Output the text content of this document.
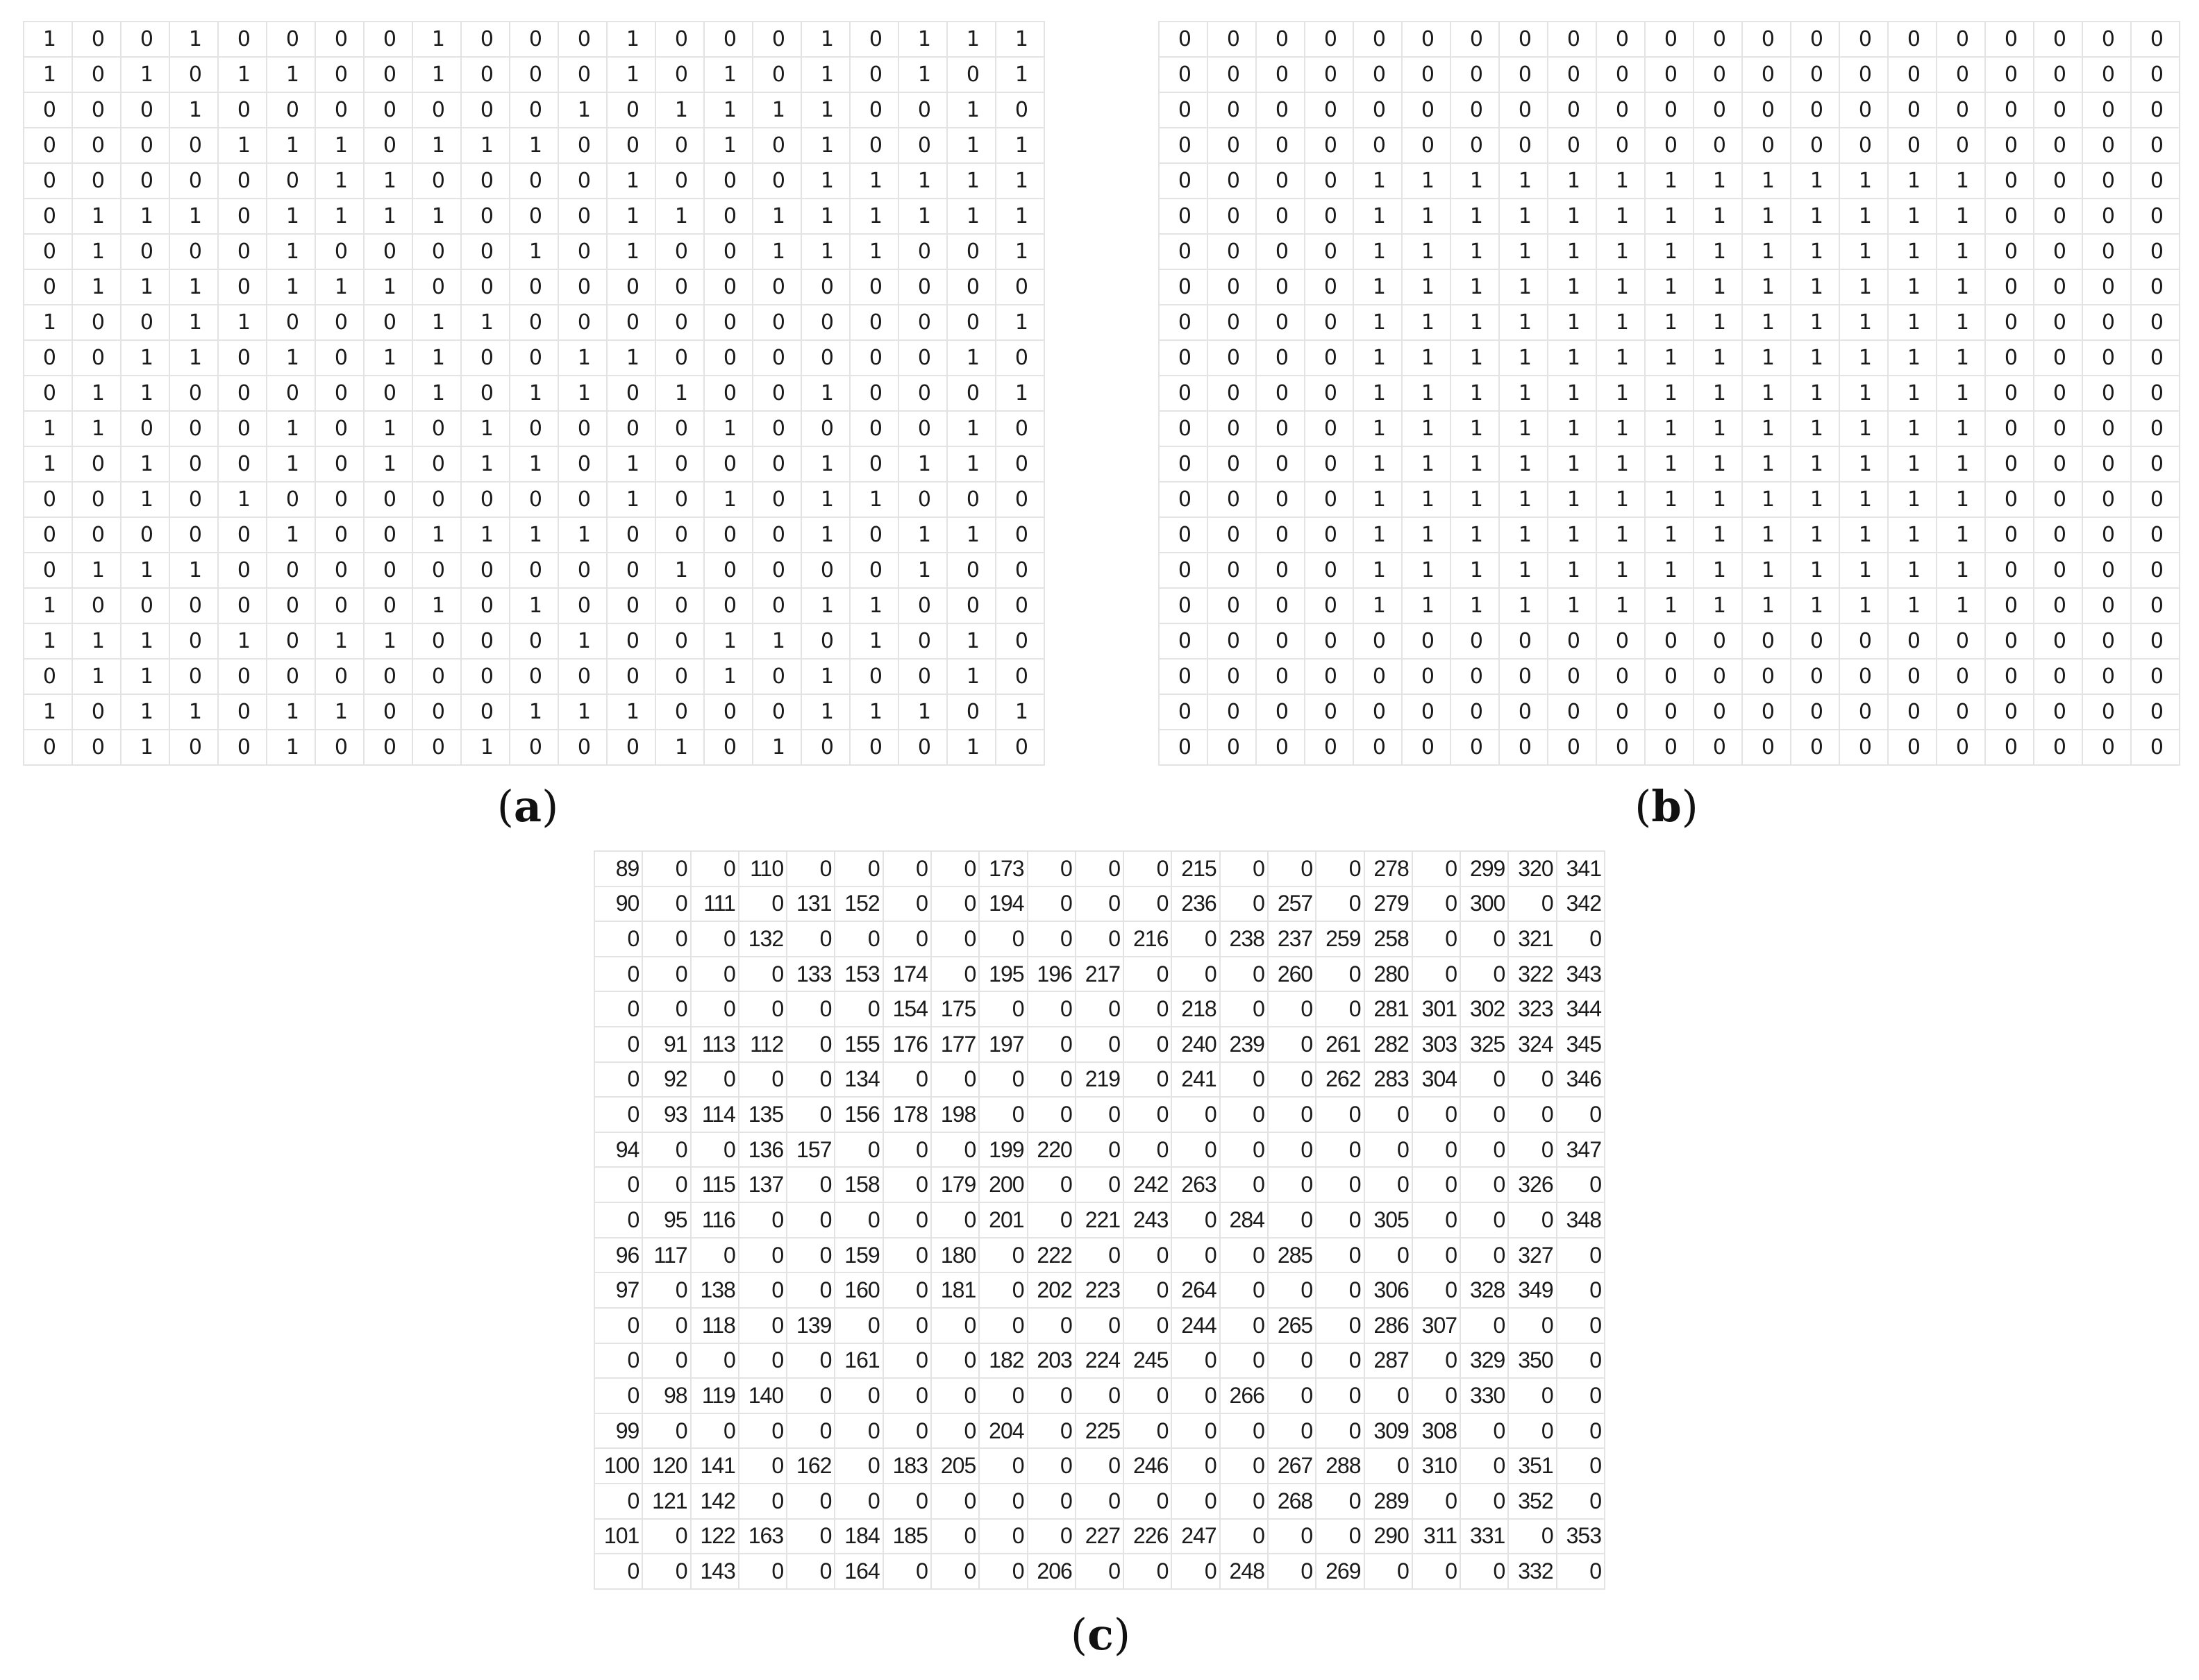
1	0	0	1	0	0	0	0	1	0	0	0	1	0	0	0	1	0	1	1	1
1	0	1	0	1	1	0	0	1	0	0	0	1	0	1	0	1	0	1	0	1
0	0	0	1	0	0	0	0	0	0	0	1	0	1	1	1	1	0	0	1	0
0	0	0	0	1	1	1	0	1	1	1	0	0	0	1	0	1	0	0	1	1
0	0	0	0	0	0	1	1	0	0	0	0	1	0	0	0	1	1	1	1	1
0	1	1	1	0	1	1	1	1	0	0	0	1	1	0	1	1	1	1	1	1
0	1	0	0	0	1	0	0	0	0	1	0	1	0	0	1	1	1	0	0	1
0	1	1	1	0	1	1	1	0	0	0	0	0	0	0	0	0	0	0	0	0
1	0	0	1	1	0	0	0	1	1	0	0	0	0	0	0	0	0	0	0	1
0	0	1	1	0	1	0	1	1	0	0	1	1	0	0	0	0	0	0	1	0
0	1	1	0	0	0	0	0	1	0	1	1	0	1	0	0	1	0	0	0	1
1	1	0	0	0	1	0	1	0	1	0	0	0	0	1	0	0	0	0	1	0
1	0	1	0	0	1	0	1	0	1	1	0	1	0	0	0	1	0	1	1	0
0	0	1	0	1	0	0	0	0	0	0	0	1	0	1	0	1	1	0	0	0
0	0	0	0	0	1	0	0	1	1	1	1	0	0	0	0	1	0	1	1	0
0	1	1	1	0	0	0	0	0	0	0	0	0	1	0	0	0	0	1	0	0
1	0	0	0	0	0	0	0	1	0	1	0	0	0	0	0	1	1	0	0	0
1	1	1	0	1	0	1	1	0	0	0	1	0	0	1	1	0	1	0	1	0
0	1	1	0	0	0	0	0	0	0	0	0	0	0	1	0	1	0	0	1	0
1	0	1	1	0	1	1	0	0	0	1	1	1	0	0	0	1	1	1	0	1
0	0	1	0	0	1	0	0	0	1	0	0	0	1	0	1	0	0	0	1	0
(a)
0	0	0	0	0	0	0	0	0	0	0	0	0	0	0	0	0	0	0	0	0
0	0	0	0	0	0	0	0	0	0	0	0	0	0	0	0	0	0	0	0	0
0	0	0	0	0	0	0	0	0	0	0	0	0	0	0	0	0	0	0	0	0
0	0	0	0	0	0	0	0	0	0	0	0	0	0	0	0	0	0	0	0	0
0	0	0	0	1	1	1	1	1	1	1	1	1	1	1	1	1	0	0	0	0
0	0	0	0	1	1	1	1	1	1	1	1	1	1	1	1	1	0	0	0	0
0	0	0	0	1	1	1	1	1	1	1	1	1	1	1	1	1	0	0	0	0
0	0	0	0	1	1	1	1	1	1	1	1	1	1	1	1	1	0	0	0	0
0	0	0	0	1	1	1	1	1	1	1	1	1	1	1	1	1	0	0	0	0
0	0	0	0	1	1	1	1	1	1	1	1	1	1	1	1	1	0	0	0	0
0	0	0	0	1	1	1	1	1	1	1	1	1	1	1	1	1	0	0	0	0
0	0	0	0	1	1	1	1	1	1	1	1	1	1	1	1	1	0	0	0	0
0	0	0	0	1	1	1	1	1	1	1	1	1	1	1	1	1	0	0	0	0
0	0	0	0	1	1	1	1	1	1	1	1	1	1	1	1	1	0	0	0	0
0	0	0	0	1	1	1	1	1	1	1	1	1	1	1	1	1	0	0	0	0
0	0	0	0	1	1	1	1	1	1	1	1	1	1	1	1	1	0	0	0	0
0	0	0	0	1	1	1	1	1	1	1	1	1	1	1	1	1	0	0	0	0
0	0	0	0	0	0	0	0	0	0	0	0	0	0	0	0	0	0	0	0	0
0	0	0	0	0	0	0	0	0	0	0	0	0	0	0	0	0	0	0	0	0
0	0	0	0	0	0	0	0	0	0	0	0	0	0	0	0	0	0	0	0	0
0	0	0	0	0	0	0	0	0	0	0	0	0	0	0	0	0	0	0	0	0
(b)
89	0	0	110	0	0	0	0	173	0	0	0	215	0	0	0	278	0	299	320	341
90	0	111	0	131	152	0	0	194	0	0	0	236	0	257	0	279	0	300	0	342
0	0	0	132	0	0	0	0	0	0	0	216	0	238	237	259	258	0	0	321	0
0	0	0	0	133	153	174	0	195	196	217	0	0	0	260	0	280	0	0	322	343
0	0	0	0	0	0	154	175	0	0	0	0	218	0	0	0	281	301	302	323	344
0	91	113	112	0	155	176	177	197	0	0	0	240	239	0	261	282	303	325	324	345
0	92	0	0	0	134	0	0	0	0	219	0	241	0	0	262	283	304	0	0	346
0	93	114	135	0	156	178	198	0	0	0	0	0	0	0	0	0	0	0	0	0
94	0	0	136	157	0	0	0	199	220	0	0	0	0	0	0	0	0	0	0	347
0	0	115	137	0	158	0	179	200	0	0	242	263	0	0	0	0	0	0	326	0
0	95	116	0	0	0	0	0	201	0	221	243	0	284	0	0	305	0	0	0	348
96	117	0	0	0	159	0	180	0	222	0	0	0	0	285	0	0	0	0	327	0
97	0	138	0	0	160	0	181	0	202	223	0	264	0	0	0	306	0	328	349	0
0	0	118	0	139	0	0	0	0	0	0	0	244	0	265	0	286	307	0	0	0
0	0	0	0	0	161	0	0	182	203	224	245	0	0	0	0	287	0	329	350	0
0	98	119	140	0	0	0	0	0	0	0	0	0	266	0	0	0	0	330	0	0
99	0	0	0	0	0	0	0	204	0	225	0	0	0	0	0	309	308	0	0	0
100	120	141	0	162	0	183	205	0	0	0	246	0	0	267	288	0	310	0	351	0
0	121	142	0	0	0	0	0	0	0	0	0	0	0	268	0	289	0	0	352	0
101	0	122	163	0	184	185	0	0	0	227	226	247	0	0	0	290	311	331	0	353
0	0	143	0	0	164	0	0	0	206	0	0	0	248	0	269	0	0	0	332	0
(c)
